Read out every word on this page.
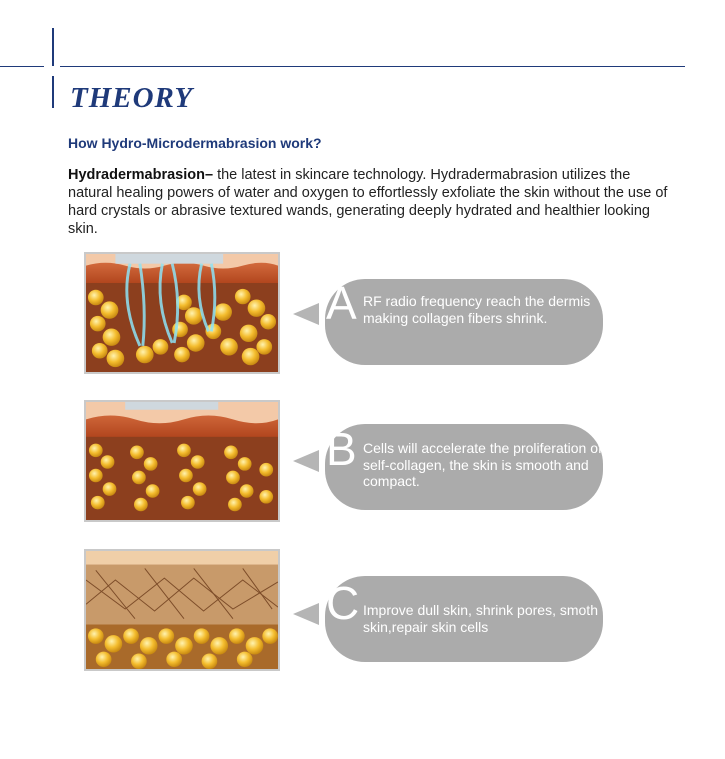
THEORY
How Hydro-Microdermabrasion work?
Hydradermabrasion– the latest in skincare technology. Hydradermabrasion utilizes the natural healing powers of water and oxygen to effortlessly exfoliate the skin without the use of hard crystals or abrasive textured wands, generating deeply hydrated and healthier looking skin.
A RF radio frequency reach the dermis making collagen fibers shrink.
B Cells will accelerate the proliferation of self-collagen, the skin is smooth and compact.
C Improve dull skin, shrink pores, smoth skin,repair skin cells
